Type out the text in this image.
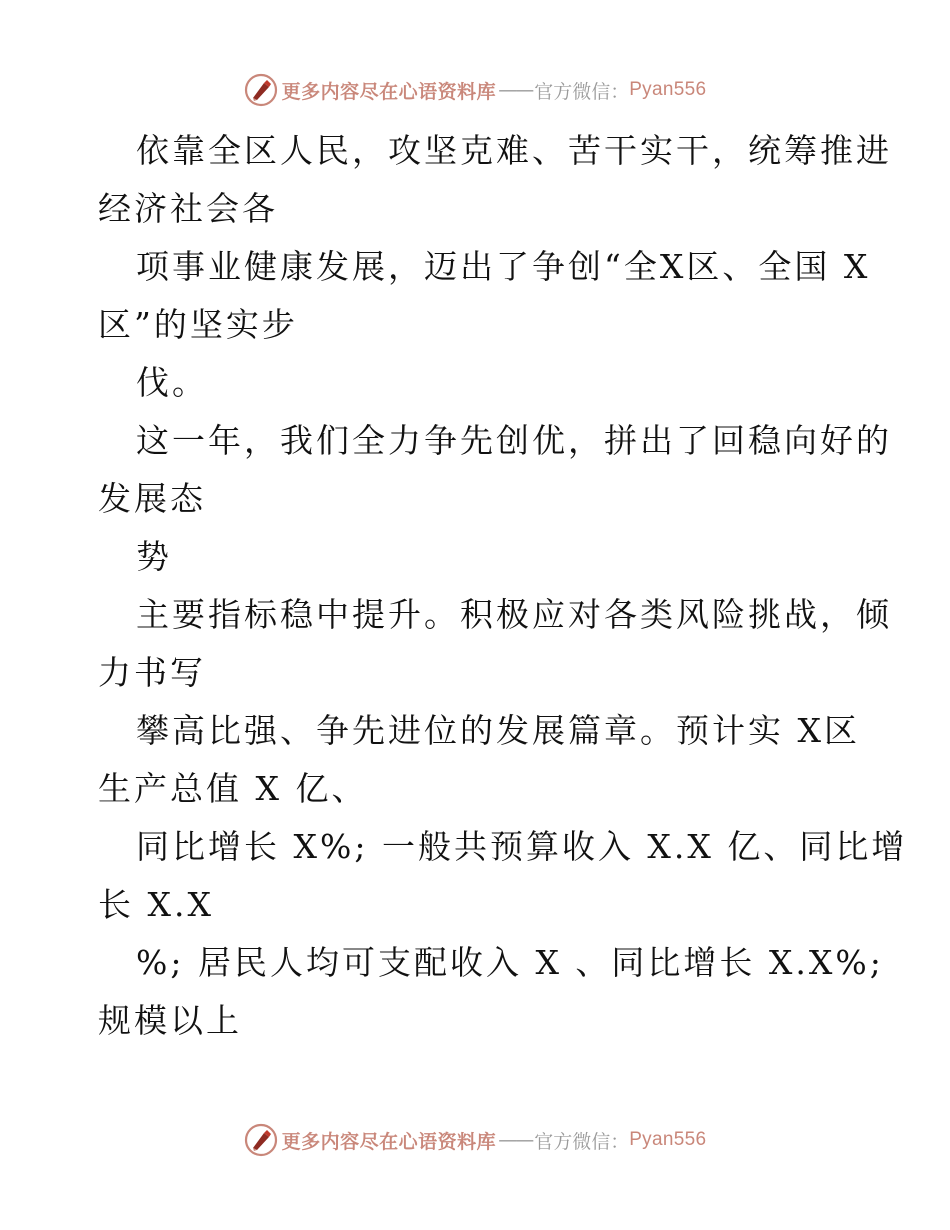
更多内容尽在心语资料库 —— 官方微信： Pyan556
依靠全区人民，攻坚克难、苦干实干，统筹推进
经济社会各
项事业健康发展，迈出了争创“全X区、全国 X
区”的坚实步
伐。
这一年，我们全力争先创优，拼出了回稳向好的
发展态
势
主要指标稳中提升。积极应对各类风险挑战，倾
力书写
攀高比强、争先进位的发展篇章。预计实 X区
生产总值 X 亿、
同比增长 X%; 一般共预算收入 X.X 亿、同比增
长 X.X
%; 居民人均可支配收入 X 、同比增长 X.X%;
规模以上
更多内容尽在心语资料库 —— 官方微信： Pyan556
